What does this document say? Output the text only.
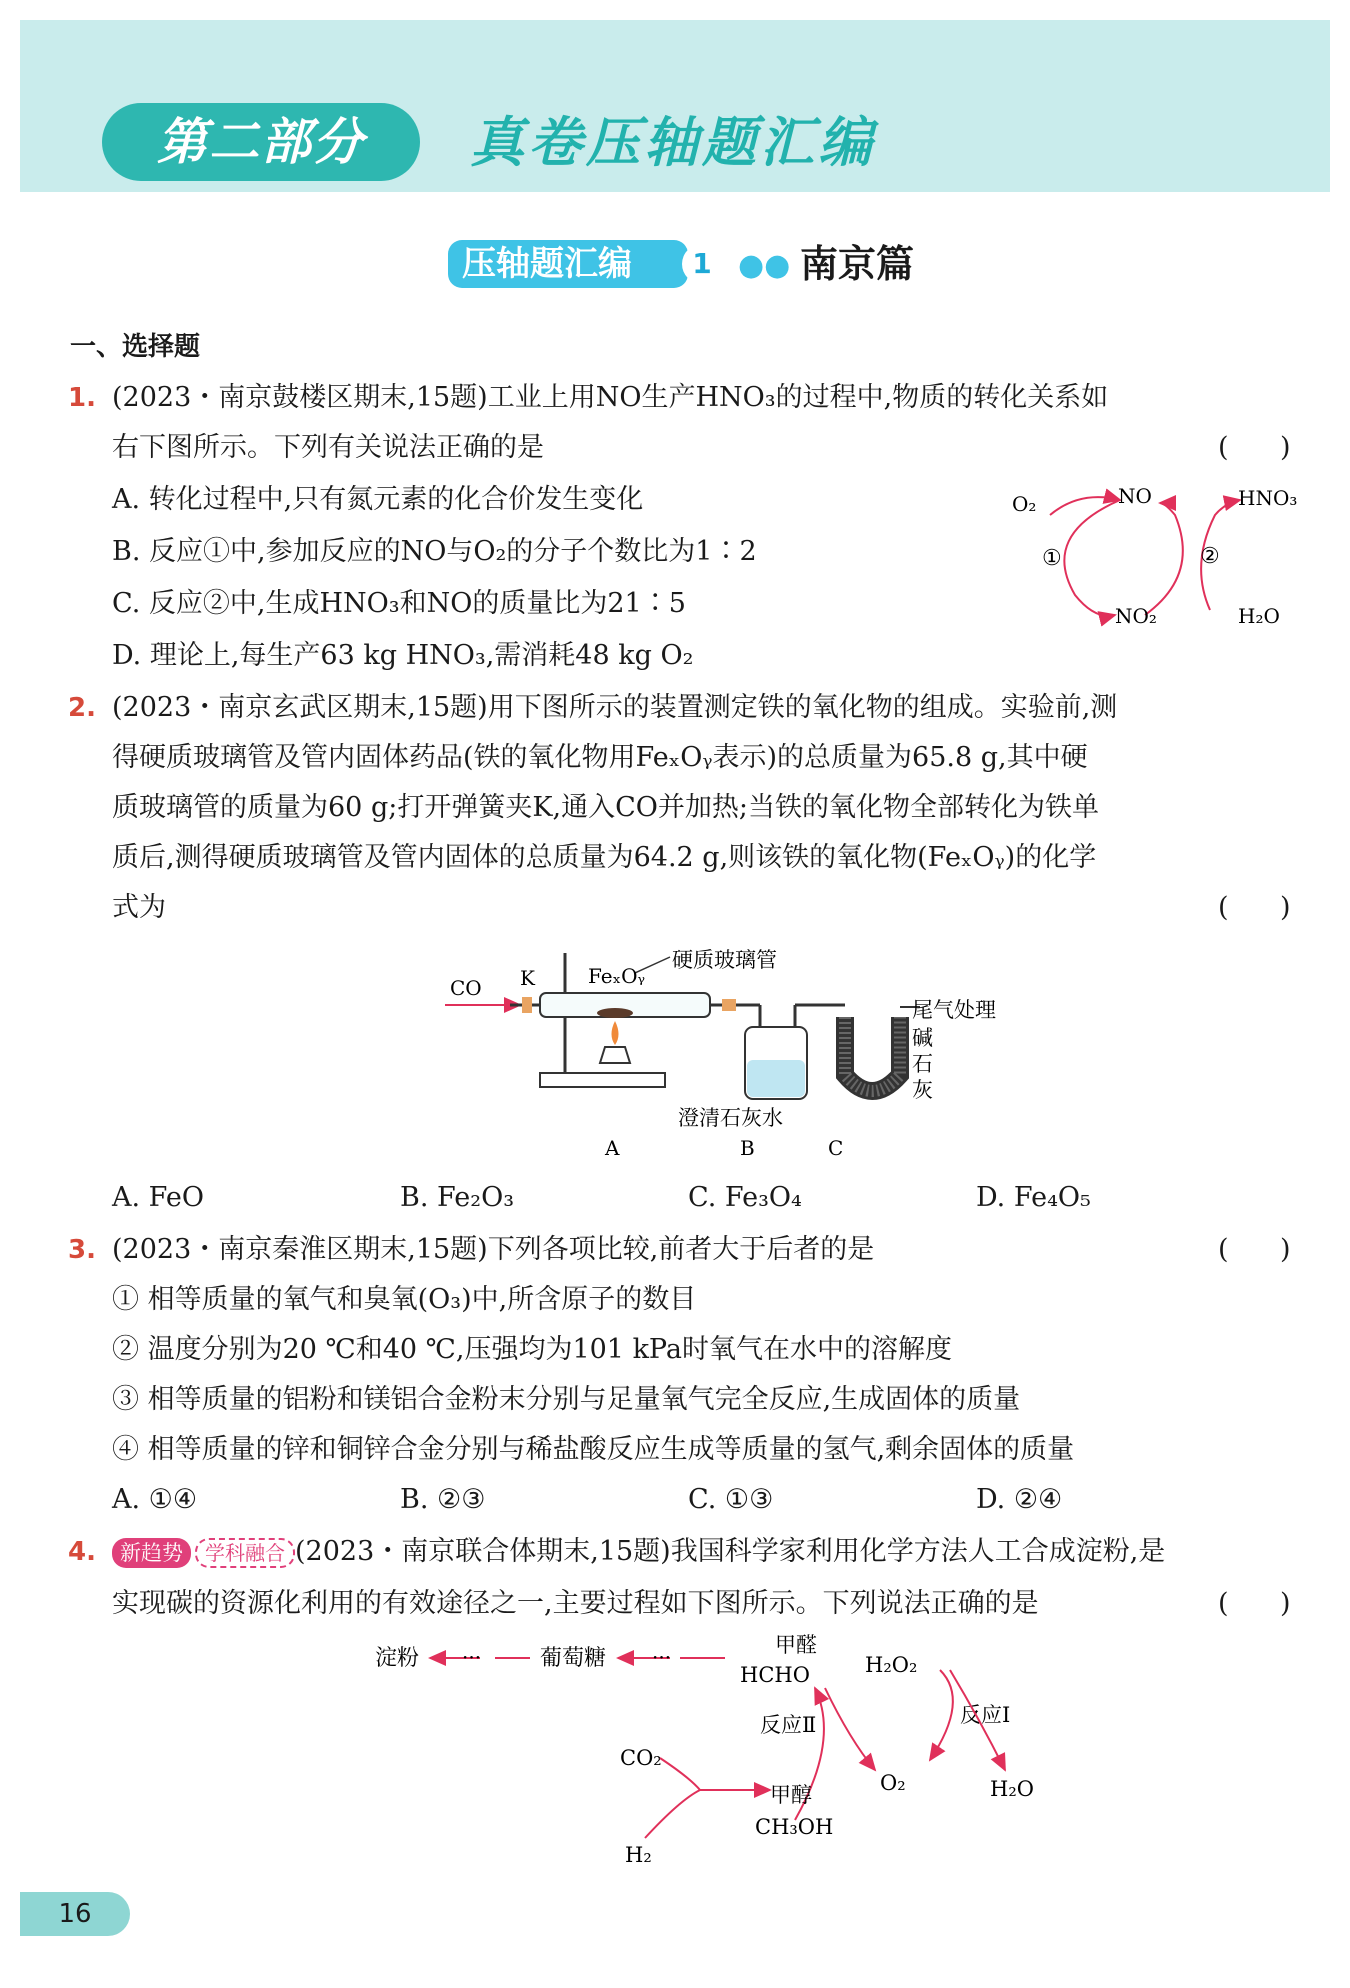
第二部分	真卷压轴题汇编
压轴题汇编	1 ●● 南京篇
一、选择题
1. (2023・南京鼓楼区期末,15题)工业上用NO生产HNO₃的过程中,物质的转化关系如
右下图所示。下列有关说法正确的是	(      )
A. 转化过程中,只有氮元素的化合价发生变化
B. 反应①中,参加反应的NO与O₂的分子个数比为1∶2
C. 反应②中,生成HNO₃和NO的质量比为21∶5
D. 理论上,每生产63 kg HNO₃,需消耗48 kg O₂
O₂	NO	HNO₃
①	②
NO₂	H₂O
2. (2023・南京玄武区期末,15题)用下图所示的装置测定铁的氧化物的组成。实验前,测
得硬质玻璃管及管内固体药品(铁的氧化物用FeₓOᵧ表示)的总质量为65.8 g,其中硬
质玻璃管的质量为60 g;打开弹簧夹K,通入CO并加热;当铁的氧化物全部转化为铁单
质后,测得硬质玻璃管及管内固体的总质量为64.2 g,则该铁的氧化物(FeₓOᵧ)的化学
式为	(      )
CO K	FeₓOᵧ
硬质玻璃管
尾气处理
碱
石
灰
澄清石灰水
A	B	C
A. FeO	B. Fe₂O₃	C. Fe₃O₄	D. Fe₄O₅
3. (2023・南京秦淮区期末,15题)下列各项比较,前者大于后者的是	(      )
① 相等质量的氧气和臭氧(O₃)中,所含原子的数目
② 温度分别为20 ℃和40 ℃,压强均为101 kPa时氧气在水中的溶解度
③ 相等质量的铝粉和镁铝合金粉末分别与足量氧气完全反应,生成固体的质量
④ 相等质量的锌和铜锌合金分别与稀盐酸反应生成等质量的氢气,剩余固体的质量
A. ①④	B. ②③	C. ①③	D. ②④
4.	新趋势 学科融合 (2023・南京联合体期末,15题)我国科学家利用化学方法人工合成淀粉,是
实现碳的资源化利用的有效途径之一,主要过程如下图所示。下列说法正确的是	(      )
淀粉 ···	葡萄糖 ···	甲醛
HCHO	H₂O₂
反应Ⅱ	反应Ⅰ
CO₂
甲醇
CH₃OH
O₂	H₂O
H₂
16
